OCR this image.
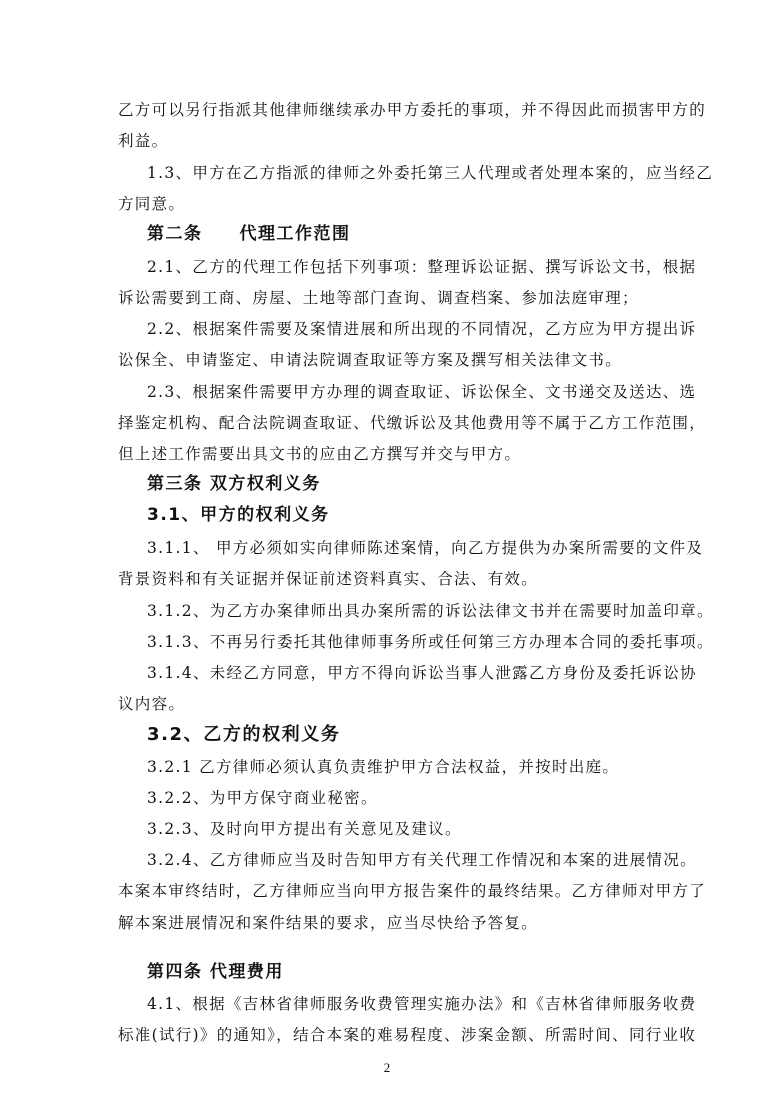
乙方可以另行指派其他律师继续承办甲方委托的事项，并不得因此而损害甲方的
利益。
1.3、甲方在乙方指派的律师之外委托第三人代理或者处理本案的，应当经乙
方同意。
第二条　　代理工作范围
2.1、乙方的代理工作包括下列事项：整理诉讼证据、撰写诉讼文书，根据
诉讼需要到工商、房屋、土地等部门查询、调查档案、参加法庭审理；
2.2、根据案件需要及案情进展和所出现的不同情况，乙方应为甲方提出诉
讼保全、申请鉴定、申请法院调查取证等方案及撰写相关法律文书。
2.3、根据案件需要甲方办理的调查取证、诉讼保全、文书递交及送达、选
择鉴定机构、配合法院调查取证、代缴诉讼及其他费用等不属于乙方工作范围，
但上述工作需要出具文书的应由乙方撰写并交与甲方。
第三条 双方权利义务
3.1、甲方的权利义务
3.1.1、 甲方必须如实向律师陈述案情，向乙方提供为办案所需要的文件及
背景资料和有关证据并保证前述资料真实、合法、有效。
3.1.2、为乙方办案律师出具办案所需的诉讼法律文书并在需要时加盖印章。
3.1.3、不再另行委托其他律师事务所或任何第三方办理本合同的委托事项。
3.1.4、未经乙方同意，甲方不得向诉讼当事人泄露乙方身份及委托诉讼协
议内容。
3.2、乙方的权利义务
3.2.1 乙方律师必须认真负责维护甲方合法权益，并按时出庭。
3.2.2、为甲方保守商业秘密。
3.2.3、及时向甲方提出有关意见及建议。
3.2.4、乙方律师应当及时告知甲方有关代理工作情况和本案的进展情况。
本案本审终结时，乙方律师应当向甲方报告案件的最终结果。乙方律师对甲方了
解本案进展情况和案件结果的要求，应当尽快给予答复。
第四条 代理费用
4.1、根据《吉林省律师服务收费管理实施办法》和《吉林省律师服务收费
标准(试行)》的通知》，结合本案的难易程度、涉案金额、所需时间、同行业收
2
